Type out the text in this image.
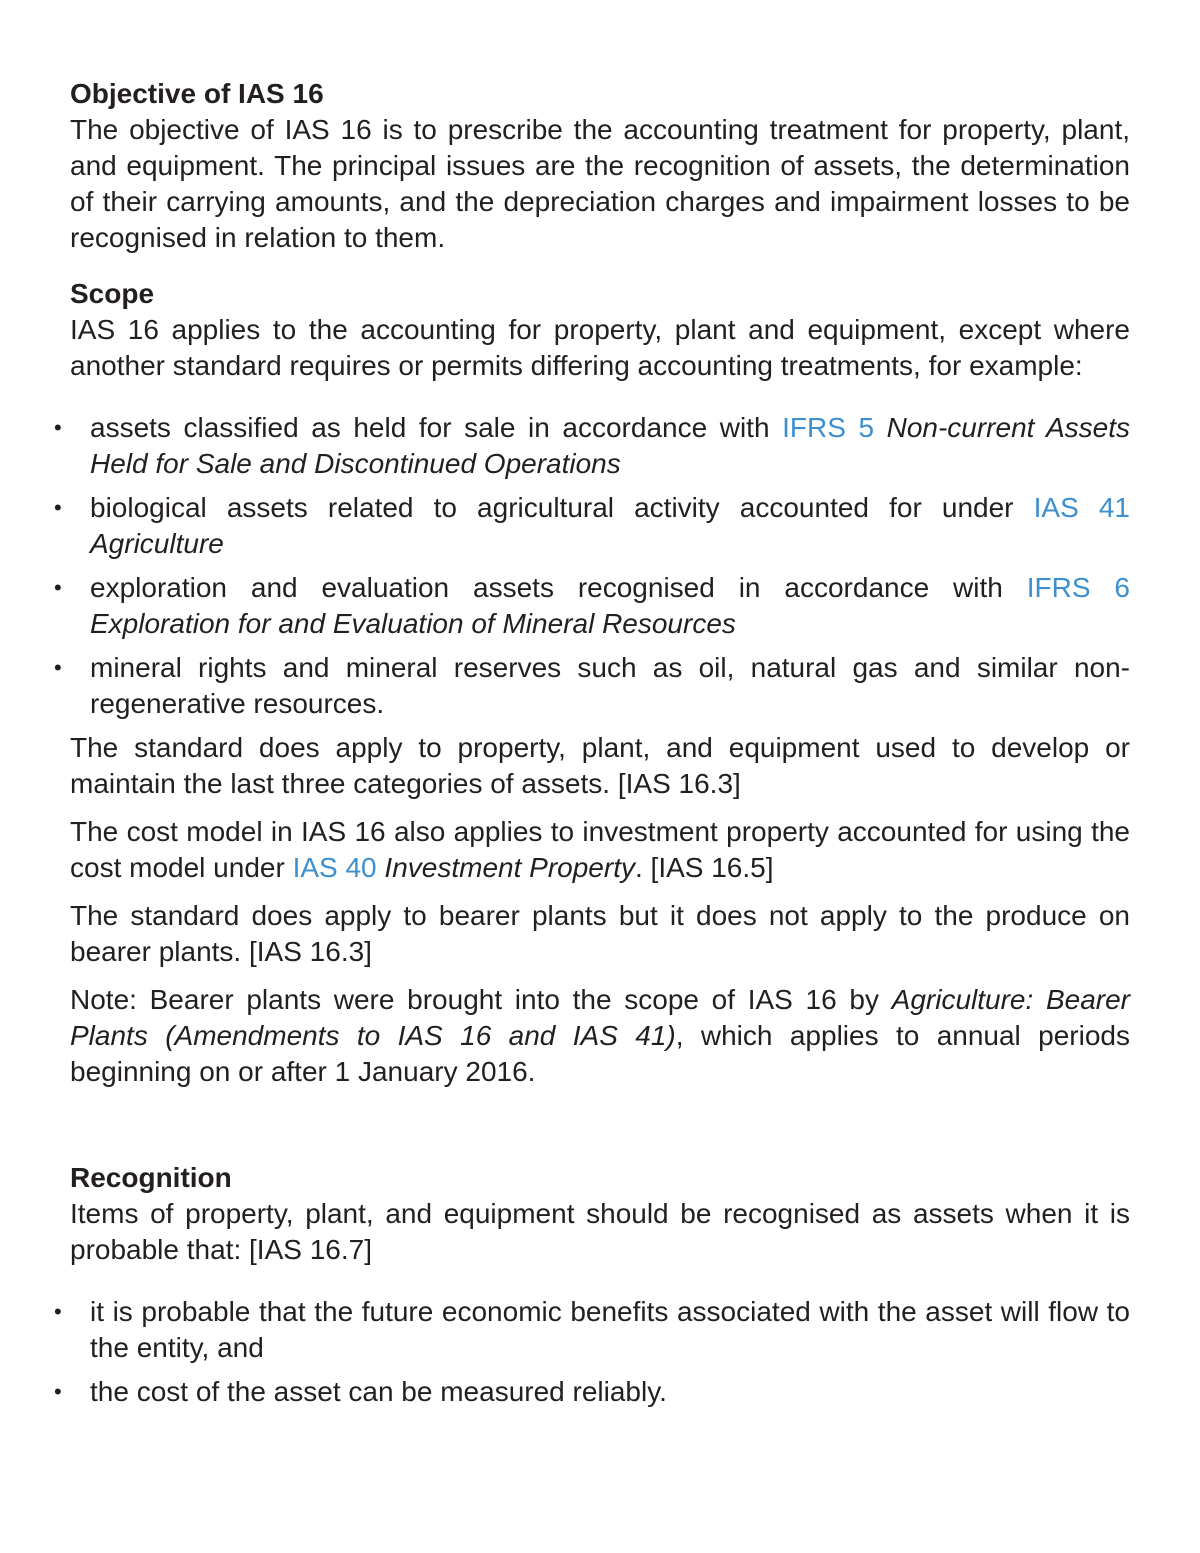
Objective of IAS 16

The objective of IAS 16 is to prescribe the accounting treatment for property, plant, and equipment. The principal issues are the recognition of assets, the determination of their carrying amounts, and the depreciation charges and impairment losses to be recognised in relation to them.

Scope

IAS 16 applies to the accounting for property, plant and equipment, except where another standard requires or permits differing accounting treatments, for example:

• assets classified as held for sale in accordance with IFRS 5 Non-current Assets Held for Sale and Discontinued Operations
• biological assets related to agricultural activity accounted for under IAS 41 Agriculture
• exploration and evaluation assets recognised in accordance with IFRS 6 Exploration for and Evaluation of Mineral Resources
• mineral rights and mineral reserves such as oil, natural gas and similar non-regenerative resources.

The standard does apply to property, plant, and equipment used to develop or maintain the last three categories of assets. [IAS 16.3]

The cost model in IAS 16 also applies to investment property accounted for using the cost model under IAS 40 Investment Property. [IAS 16.5]

The standard does apply to bearer plants but it does not apply to the produce on bearer plants. [IAS 16.3]

Note: Bearer plants were brought into the scope of IAS 16 by Agriculture: Bearer Plants (Amendments to IAS 16 and IAS 41), which applies to annual periods beginning on or after 1 January 2016.

Recognition

Items of property, plant, and equipment should be recognised as assets when it is probable that: [IAS 16.7]

• it is probable that the future economic benefits associated with the asset will flow to the entity, and
• the cost of the asset can be measured reliably.
